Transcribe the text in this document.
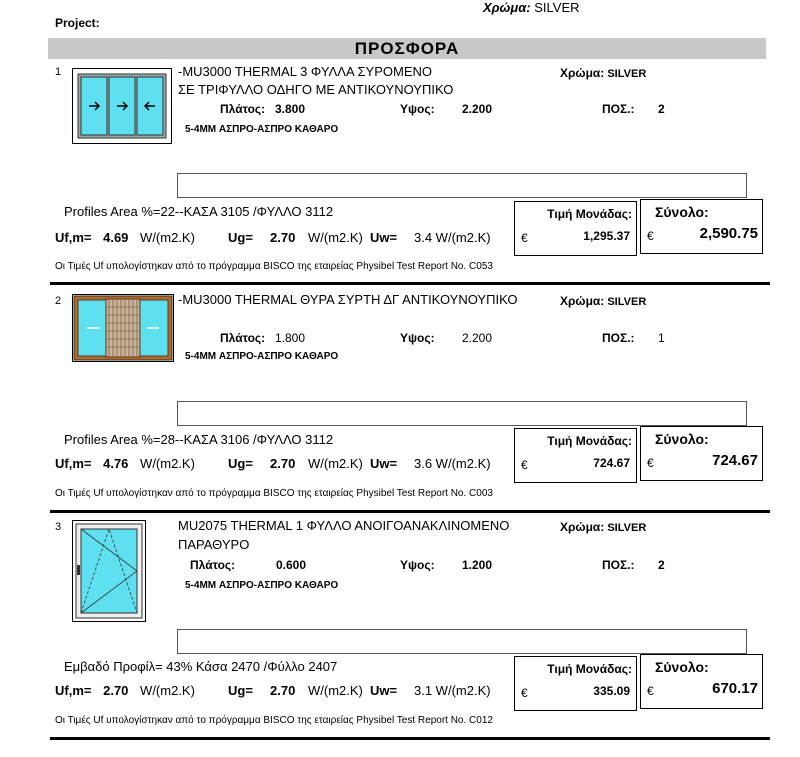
Χρώμα: SILVER
Project:
ΠΡΟΣΦΟΡΑ
1	-MU3000 THERMAL 3 ΦΥΛΛΑ ΣΥΡΟΜΕΝΟ
ΣΕ ΤΡΙΦΥΛΛΟ ΟΔΗΓΟ ΜΕ ΑΝΤΙΚΟΥΝΟΥΠΙΚΟ
Χρώμα: SILVER
Πλάτος: 3.800	Υψος: 2.200	ΠΟΣ.: 2
5-4MM ΑΣΠΡΟ-ΑΣΠΡΟ ΚΑΘΑΡΟ
Profiles Area %=22--ΚΑΣΑ 3105 /ΦΥΛΛΟ 3112
Uf,m= 4.69 W/(m2.K)	Ug= 2.70 W/(m2.K) Uw= 3.4 W/(m2.K)
Τιμή Μονάδας:
€	1,295.37
Σύνολο:
€	2,590.75
Οι Τιμές Uf υπολογίστηκαν από το πρόγραμμα BISCO της εταιρείας Physibel Test Report No. C053
2	-MU3000 THERMAL ΘΥΡΑ ΣΥΡΤΗ ΔΓ ΑΝΤΙΚΟΥΝΟΥΠΙΚΟ	Χρώμα: SILVER
Πλάτος: 1.800	Υψος: 2.200	ΠΟΣ.: 1
5-4MM ΑΣΠΡΟ-ΑΣΠΡΟ ΚΑΘΑΡΟ
Profiles Area %=28--ΚΑΣΑ 3106 /ΦΥΛΛΟ 3112
Uf,m= 4.76 W/(m2.K)	Ug= 2.70 W/(m2.K) Uw= 3.6 W/(m2.K)
Τιμή Μονάδας:
€	724.67
Σύνολο:
€	724.67
Οι Τιμές Uf υπολογίστηκαν από το πρόγραμμα BISCO της εταιρείας Physibel Test Report No. C003
3	MU2075 THERMAL 1 ΦΥΛΛΟ ΑΝΟΙΓΟΑΝΑΚΛΙΝΟΜΕΝΟ
ΠΑΡΑΘΥΡΟ
Χρώμα: SILVER
Πλάτος:	0.600	Υψος: 1.200	ΠΟΣ.: 2
5-4MM ΑΣΠΡΟ-ΑΣΠΡΟ ΚΑΘΑΡΟ
Εμβαδό Προφίλ= 43% Κάσα 2470 /Φύλλο 2407
Uf,m= 2.70 W/(m2.K)	Ug= 2.70 W/(m2.K) Uw= 3.1 W/(m2.K)
Τιμή Μονάδας:
€	335.09
Σύνολο:
€	670.17
Οι Τιμές Uf υπολογίστηκαν από το πρόγραμμα BISCO της εταιρείας Physibel Test Report No. C012
